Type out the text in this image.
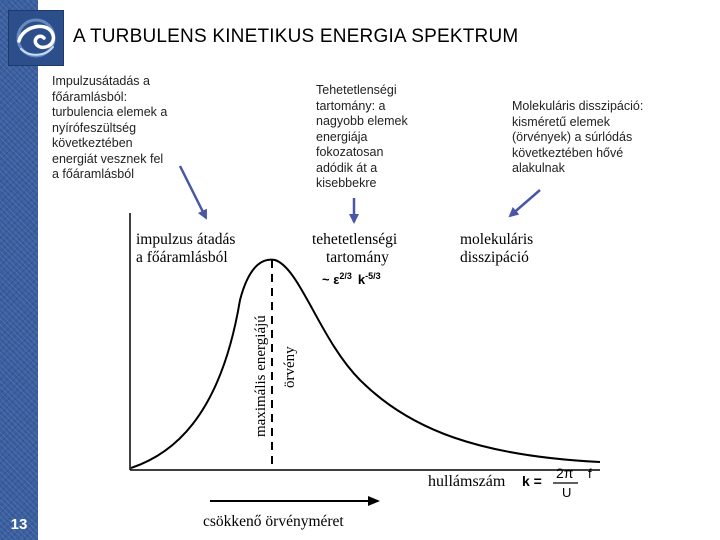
A TURBULENS KINETIKUS ENERGIA SPEKTRUM
13

Impulzusátadás a
főáramlásból:
turbulencia elemek a
nyírófeszültség
következtében
energiát vesznek fel
a főáramlásból

Tehetetlenségi
tartomány: a
nagyobb elemek
energiája
fokozatosan
adódik át a
kisebbekre

Molekuláris disszipáció:
kisméretű elemek
(örvények) a súrlódás
következtében hővé
alakulnak

impulzus átadás
a főáramlásból
tehetetlenségi
tartomány
~ $\varepsilon^{2/3}$ $k^{-5/3}$
molekuláris
disszipáció
maximális energiájú örvény
hullámszám k = 2π
U
f
csökkenő örvényméret
